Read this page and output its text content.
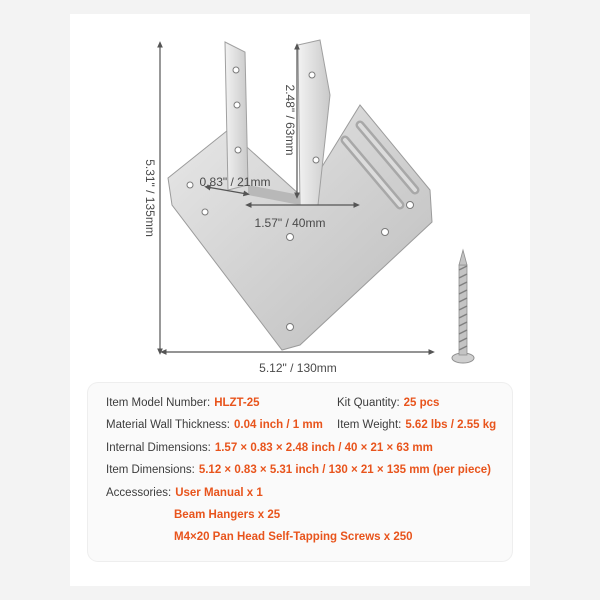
5.31" / 135mm
5.12" / 130mm
2.48" / 63mm
0.83" / 21mm
1.57" / 40mm
Item Model Number: HLZT-25	Kit Quantity: 25 pcs
Material Wall Thickness: 0.04 inch / 1 mm Item Weight: 5.62 lbs / 2.55 kg
Internal Dimensions: 1.57 × 0.83 × 2.48 inch / 40 × 21 × 63 mm
Item Dimensions: 5.12 × 0.83 × 5.31 inch / 130 × 21 × 135 mm (per piece)
Accessories: User Manual x 1
Beam Hangers x 25
M4×20 Pan Head Self-Tapping Screws x 250
